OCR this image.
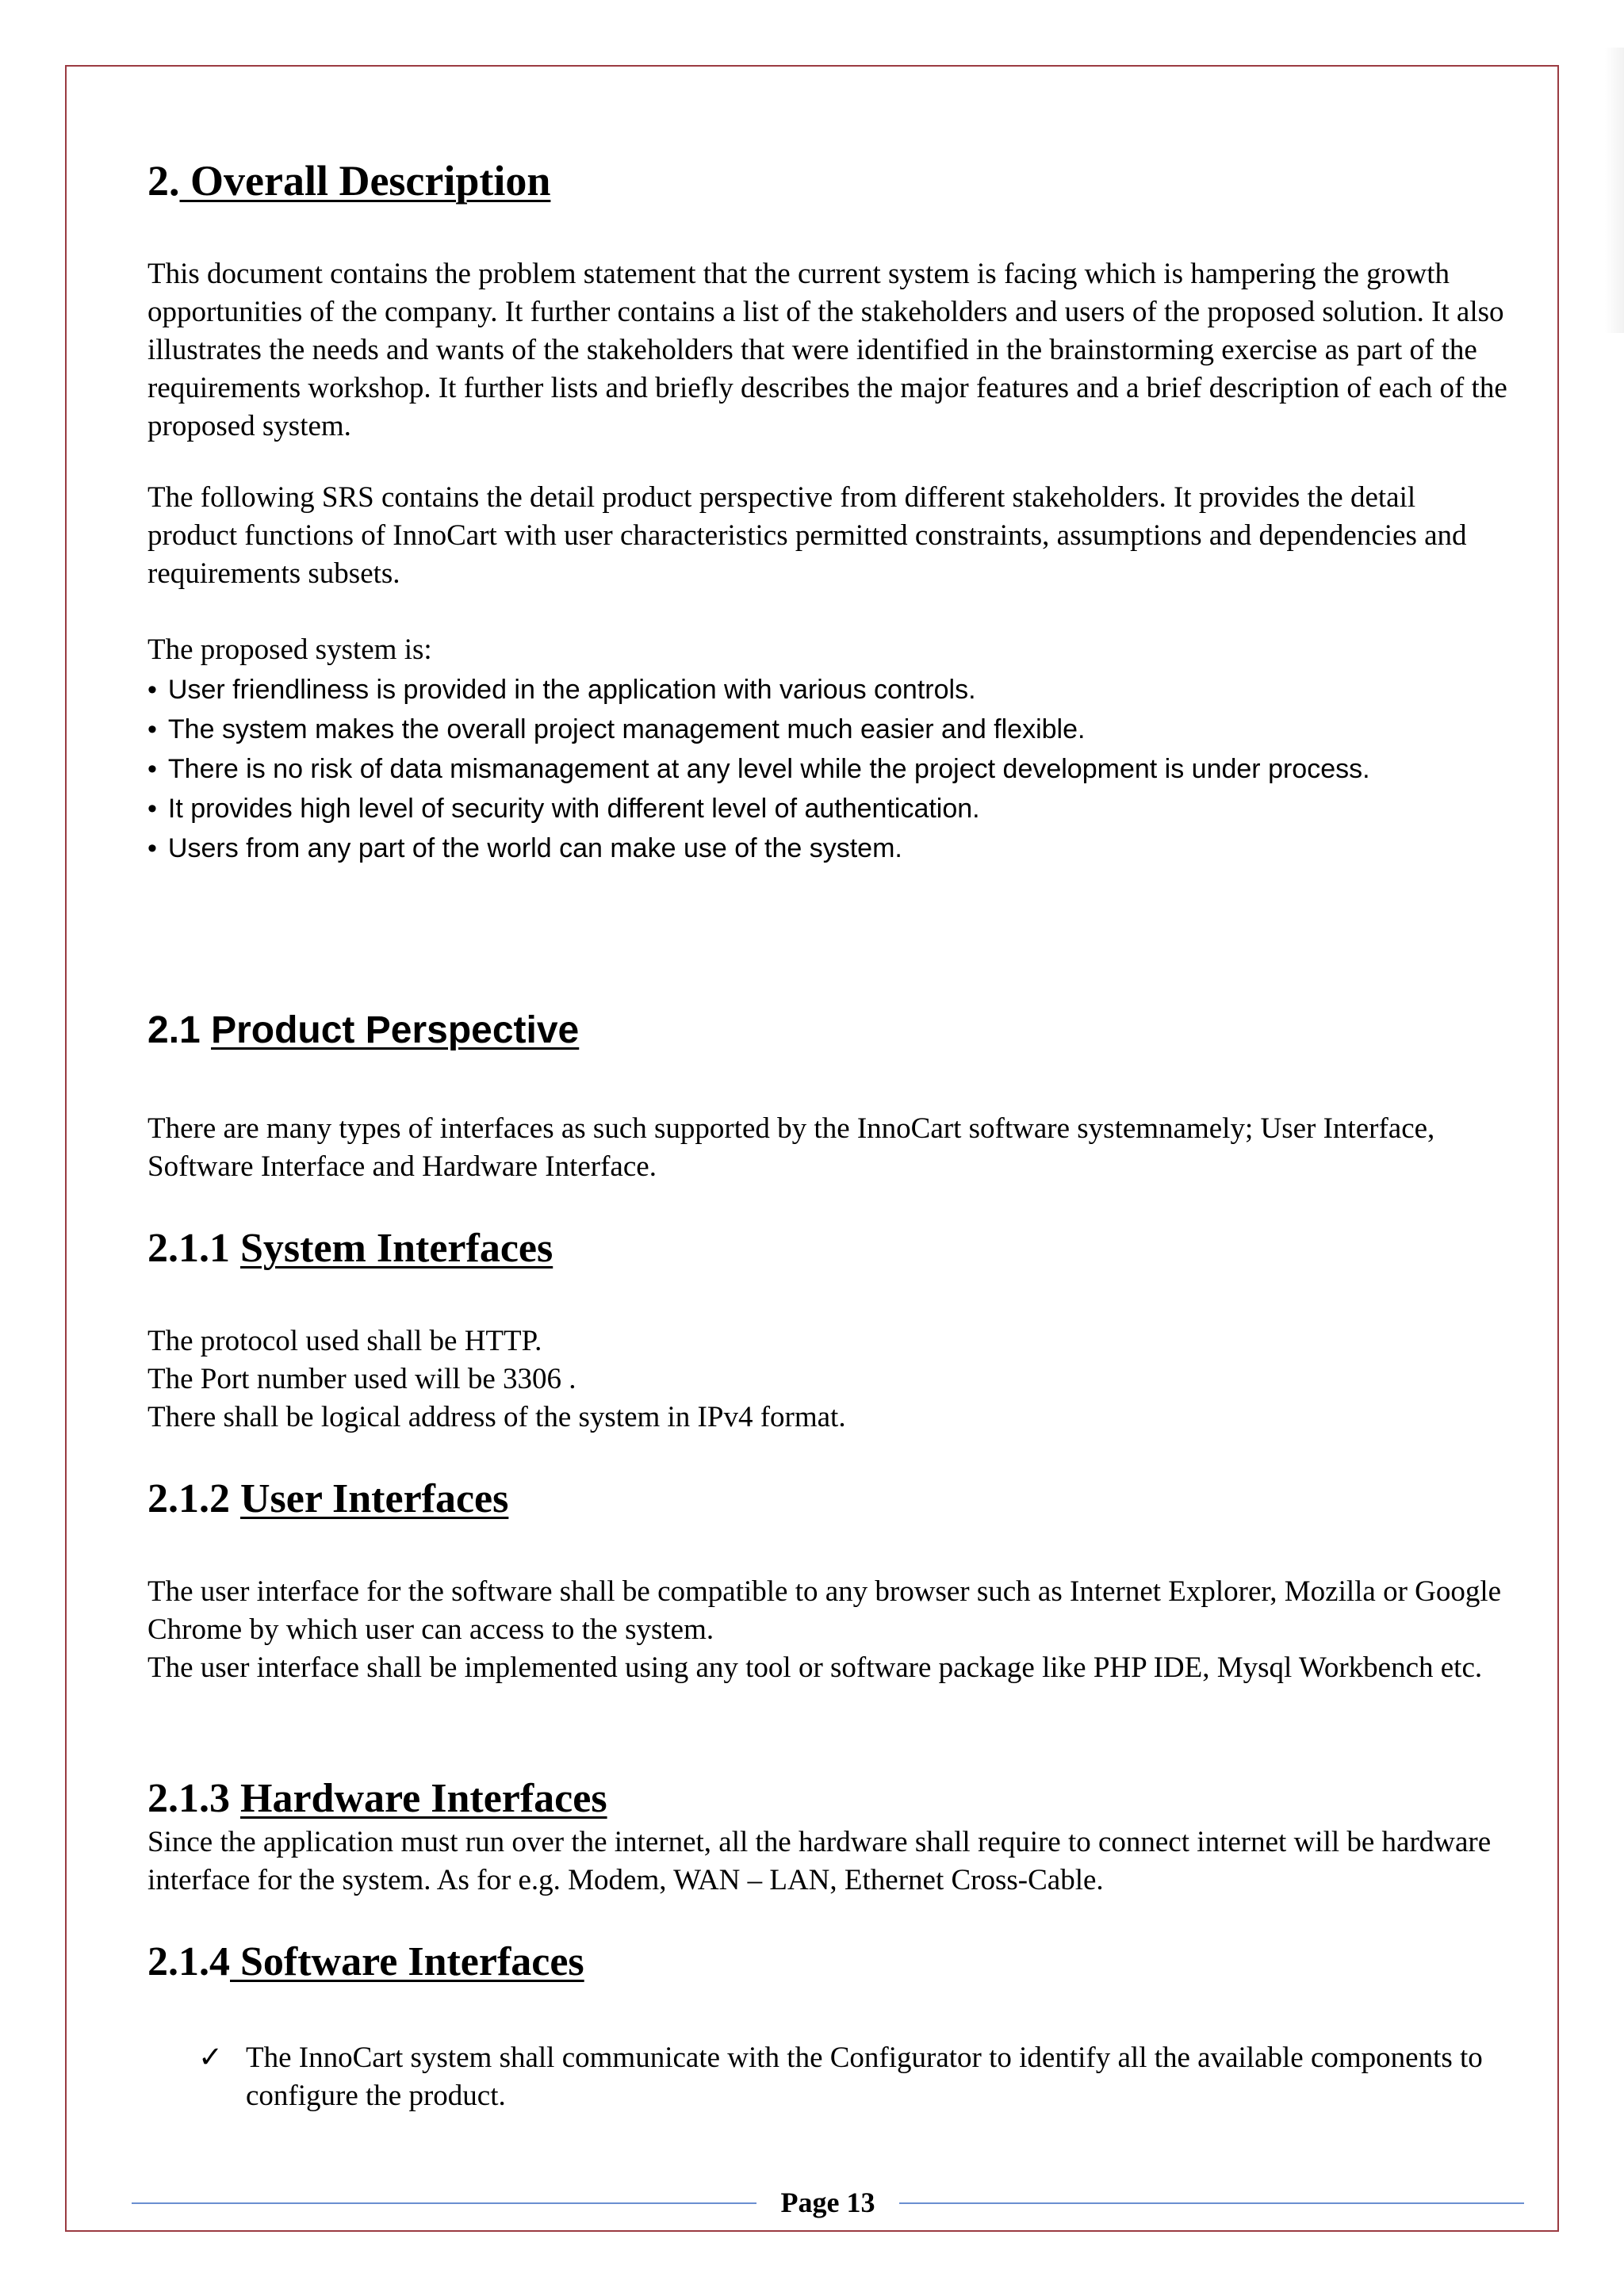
2. Overall Description

This document contains the problem statement that the current system is facing which is hampering the growth opportunities of the company. It further contains a list of the stakeholders and users of the proposed solution. It also illustrates the needs and wants of the stakeholders that were identified in the brainstorming exercise as part of the requirements workshop. It further lists and briefly describes the major features and a brief description of each of the proposed system.

The following SRS contains the detail product perspective from different stakeholders. It provides the detail product functions of InnoCart with user characteristics permitted constraints, assumptions and dependencies and requirements subsets.

The proposed system is:

• User friendliness is provided in the application with various controls.
• The system makes the overall project management much easier and flexible.
• There is no risk of data mismanagement at any level while the project development is under process.
• It provides high level of security with different level of authentication.
• Users from any part of the world can make use of the system.
2.1 Product Perspective

There are many types of interfaces as such supported by the InnoCart software systemnamely; User Interface, Software Interface and Hardware Interface.

2.1.1 System Interfaces

The protocol used shall be HTTP.

The Port number used will be 3306 .

There shall be logical address of the system in IPv4 format.

2.1.2 User Interfaces

The user interface for the software shall be compatible to any browser such as Internet Explorer, Mozilla or Google Chrome by which user can access to the system.

The user interface shall be implemented using any tool or software package like PHP IDE, Mysql Workbench etc.

2.1.3 Hardware Interfaces

Since the application must run over the internet, all the hardware shall require to connect internet will be hardware interface for the system. As for e.g. Modem, WAN – LAN, Ethernet Cross-Cable.

2.1.4 Software Interfaces
✓ The InnoCart system shall communicate with the Configurator to identify all the available components to configure the product.
Page 13
